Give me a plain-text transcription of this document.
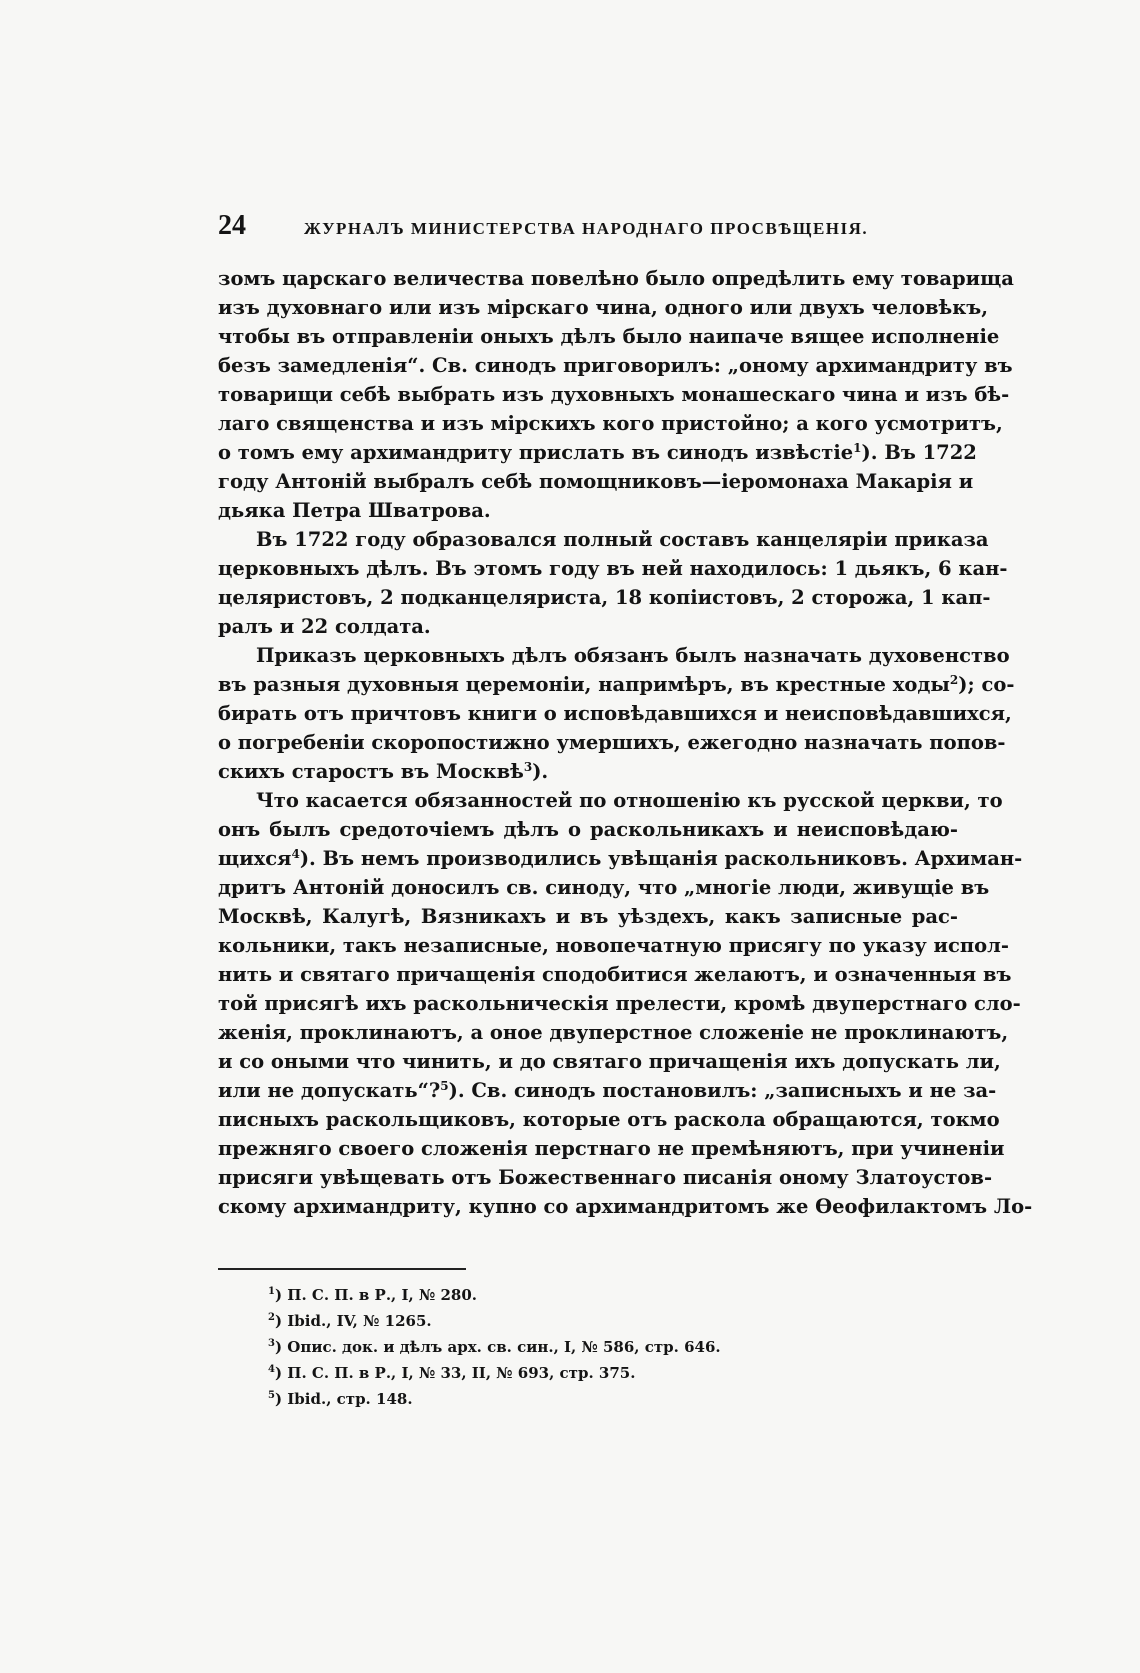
24	ЖУРНАЛЪ МИНИСТЕРСТВА НАРОДНАГО ПРОСВѢЩЕНІЯ.
зомъ царскаго величества повелѣно было опредѣлить ему товарища
изъ духовнаго или изъ мірскаго чина, одного или двухъ человѣкъ,
чтобы въ отправленіи оныхъ дѣлъ было наипаче вящее исполненіе
безъ замедленія“. Св. синодъ приговорилъ: „оному архимандриту въ
товарищи себѣ выбрать изъ духовныхъ монашескаго чина и изъ бѣ-
лаго священства и изъ мірскихъ кого пристойно; а кого усмотритъ,
о томъ ему архимандриту прислать въ синодъ извѣстіе$^1$). Въ 1722
году Антоній выбралъ себѣ помощниковъ—іеромонаха Макарія и
дьяка Петра Шватрова.
Въ 1722 году образовался полный составъ канцеляріи приказа
церковныхъ дѣлъ. Въ этомъ году въ ней находилось: 1 дьякъ, 6 кан-
целяристовъ, 2 подканцеляриста, 18 копіистовъ, 2 сторожа, 1 кап-
ралъ и 22 солдата.
Приказъ церковныхъ дѣлъ обязанъ былъ назначать духовенство
въ разныя духовныя церемоніи, напримѣръ, въ крестные ходы$^2$); со-
бирать отъ причтовъ книги о исповѣдавшихся и неисповѣдавшихся,
о погребеніи скоропостижно умершихъ, ежегодно назначать попов-
скихъ старостъ въ Москвѣ$^3$).
Что касается обязанностей по отношенію къ русской церкви, то
онъ былъ средоточіемъ дѣлъ о раскольникахъ и неисповѣдаю-
щихся$^4$). Въ немъ производились увѣщанія раскольниковъ. Архиман-
дритъ Антоній доносилъ св. синоду, что „многіе люди, живущіе въ
Москвѣ, Калугѣ, Вязникахъ и въ уѣздехъ, какъ записные рас-
кольники, такъ незаписные, новопечатную присягу по указу испол-
нить и святаго причащенія сподобитися желаютъ, и означенныя въ
той присягѣ ихъ раскольническія прелести, кромѣ двуперстнаго сло-
женія, проклинаютъ, а оное двуперстное сложеніе не проклинаютъ,
и со оными что чинить, и до святаго причащенія ихъ допускать ли,
или не допускать“?$^5$). Св. синодъ постановилъ: „записныхъ и не за-
писныхъ раскольщиковъ, которые отъ раскола обращаются, токмо
прежняго своего сложенія перстнаго не премѣняютъ, при учиненіи
присяги увѣщевать отъ Божественнаго писанія оному Златоустов-
скому архимандриту, купно со архимандритомъ же Ѳеофилактомъ Ло-
$^1$) П. С. П. в Р., I, № 280.
$^2$) Ibid., IV, № 1265.
$^3$) Опис. док. и дѣлъ арх. св. син., I, № 586, стр. 646.
$^4$) П. С. П. в Р., I, № 33, II, № 693, стр. 375.
$^5$) Ibid., стр. 148.
